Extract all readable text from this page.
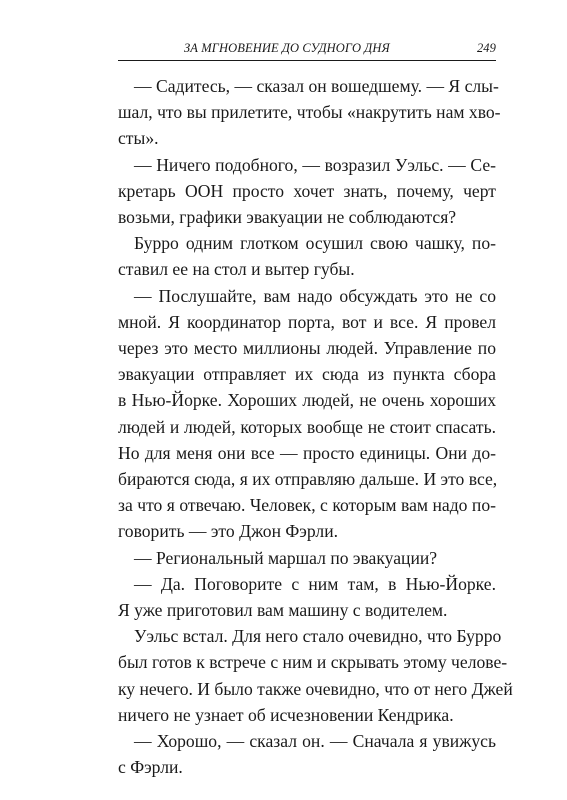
ЗА МГНОВЕНИЕ ДО СУДНОГО ДНЯ	249
— Садитесь, — сказал он вошедшему. — Я слы-
шал, что вы прилетите, чтобы «накрутить нам хво-
сты».
— Ничего подобного, — возразил Уэльс. — Се-
кретарь ООН просто хочет знать, почему, черт
возьми, графики эвакуации не соблюдаются?
Бурро одним глотком осушил свою чашку, по-
ставил ее на стол и вытер губы.
— Послушайте, вам надо обсуждать это не со
мной. Я координатор порта, вот и все. Я провел
через это место миллионы людей. Управление по
эвакуации отправляет их сюда из пункта сбора
в Нью-Йорке. Хороших людей, не очень хороших
людей и людей, которых вообще не стоит спасать.
Но для меня они все — просто единицы. Они до-
бираются сюда, я их отправляю дальше. И это все,
за что я отвечаю. Человек, с которым вам надо по-
говорить — это Джон Фэрли.
— Региональный маршал по эвакуации?
— Да. Поговорите с ним там, в Нью-Йорке.
Я уже приготовил вам машину с водителем.
Уэльс встал. Для него стало очевидно, что Бурро
был готов к встрече с ним и скрывать этому челове-
ку нечего. И было также очевидно, что от него Джей
ничего не узнает об исчезновении Кендрика.
— Хорошо, — сказал он. — Сначала я увижусь
с Фэрли.
